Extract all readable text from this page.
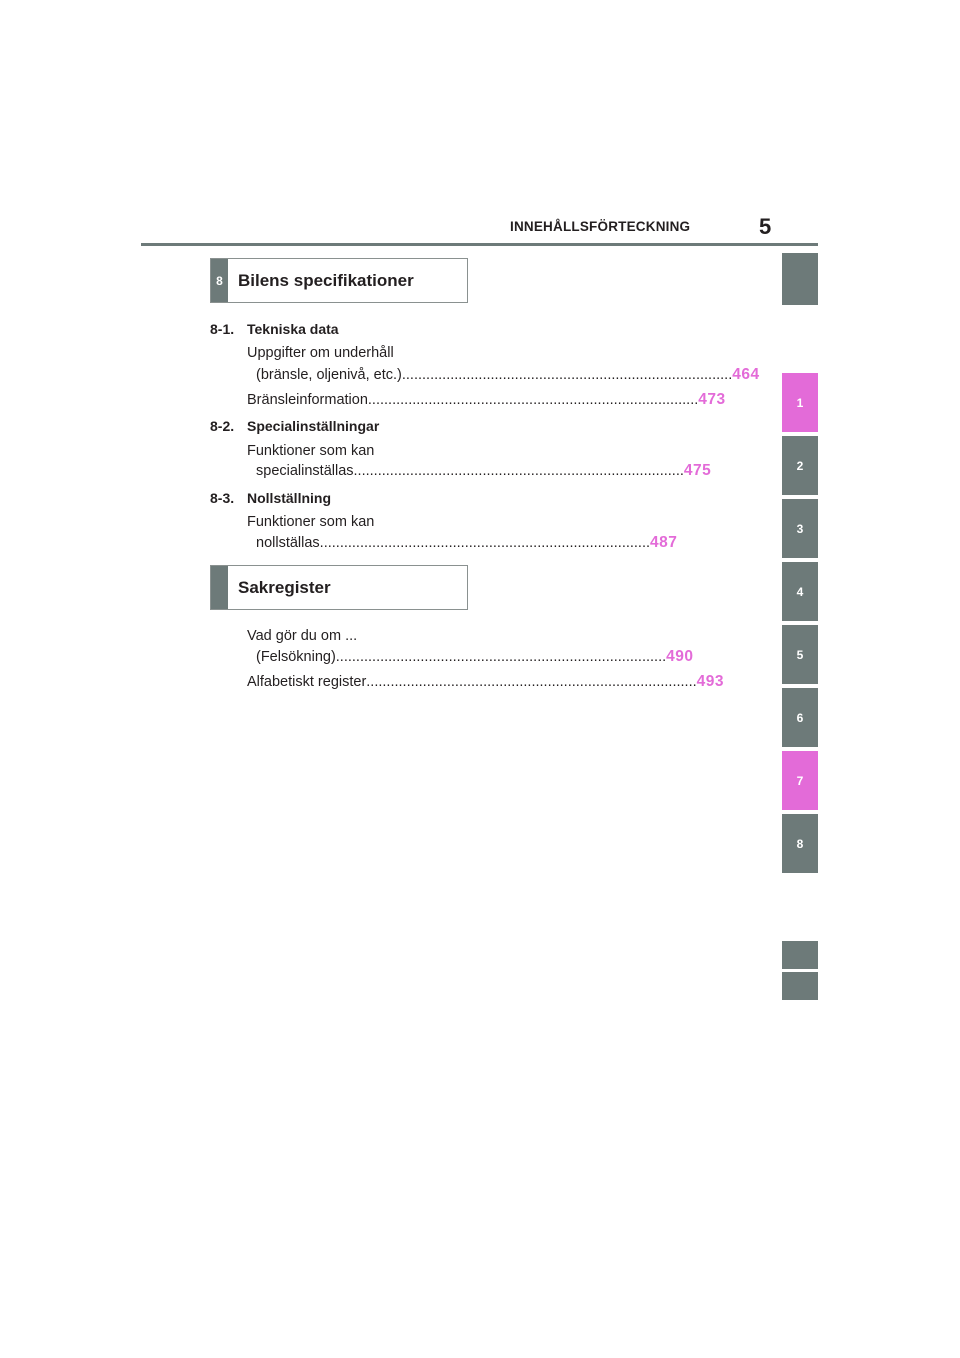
INNEHÅLLSFÖRTECKNING	5
8 Bilens specifikationer
8-1. Tekniska data
Uppgifter om underhåll
(bränsle, oljenivå, etc.) .................................................................................. 464
Bränsleinformation .................................................................................. 473
8-2. Specialinställningar
Funktioner som kan
specialinställas .................................................................................. 475
8-3. Nollställning
Funktioner som kan
nollställas .................................................................................. 487
Sakregister
Vad gör du om ...
(Felsökning) .................................................................................. 490
Alfabetiskt register .................................................................................. 493
1
2
3
4
5
6
7
8
